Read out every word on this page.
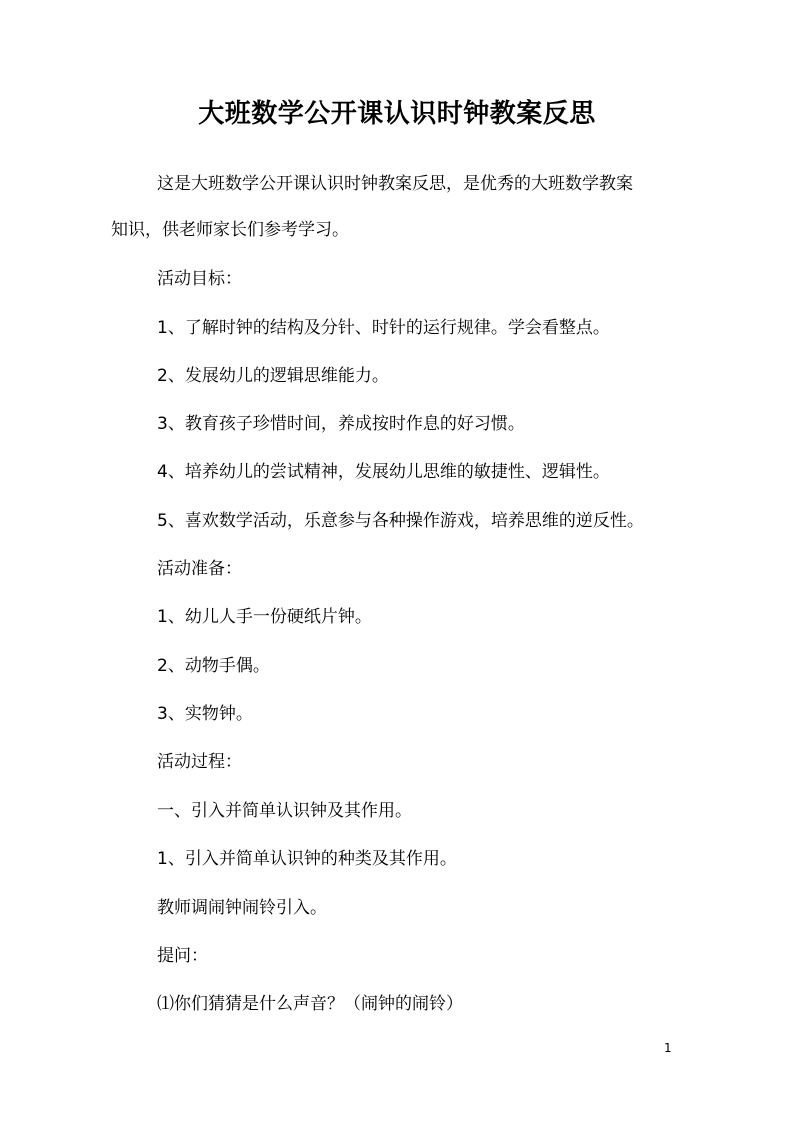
大班数学公开课认识时钟教案反思
这是大班数学公开课认识时钟教案反思，是优秀的大班数学教案
知识，供老师家长们参考学习。
活动目标：
1、了解时钟的结构及分针、时针的运行规律。学会看整点。
2、发展幼儿的逻辑思维能力。
3、教育孩子珍惜时间，养成按时作息的好习惯。
4、培养幼儿的尝试精神，发展幼儿思维的敏捷性、逻辑性。
5、喜欢数学活动，乐意参与各种操作游戏，培养思维的逆反性。
活动准备：
1、幼儿人手一份硬纸片钟。
2、动物手偶。
3、实物钟。
活动过程：
一、引入并简单认识钟及其作用。
1、引入并简单认识钟的种类及其作用。
教师调闹钟闹铃引入。
提问：
⑴你们猜猜是什么声音？（闹钟的闹铃）
1
